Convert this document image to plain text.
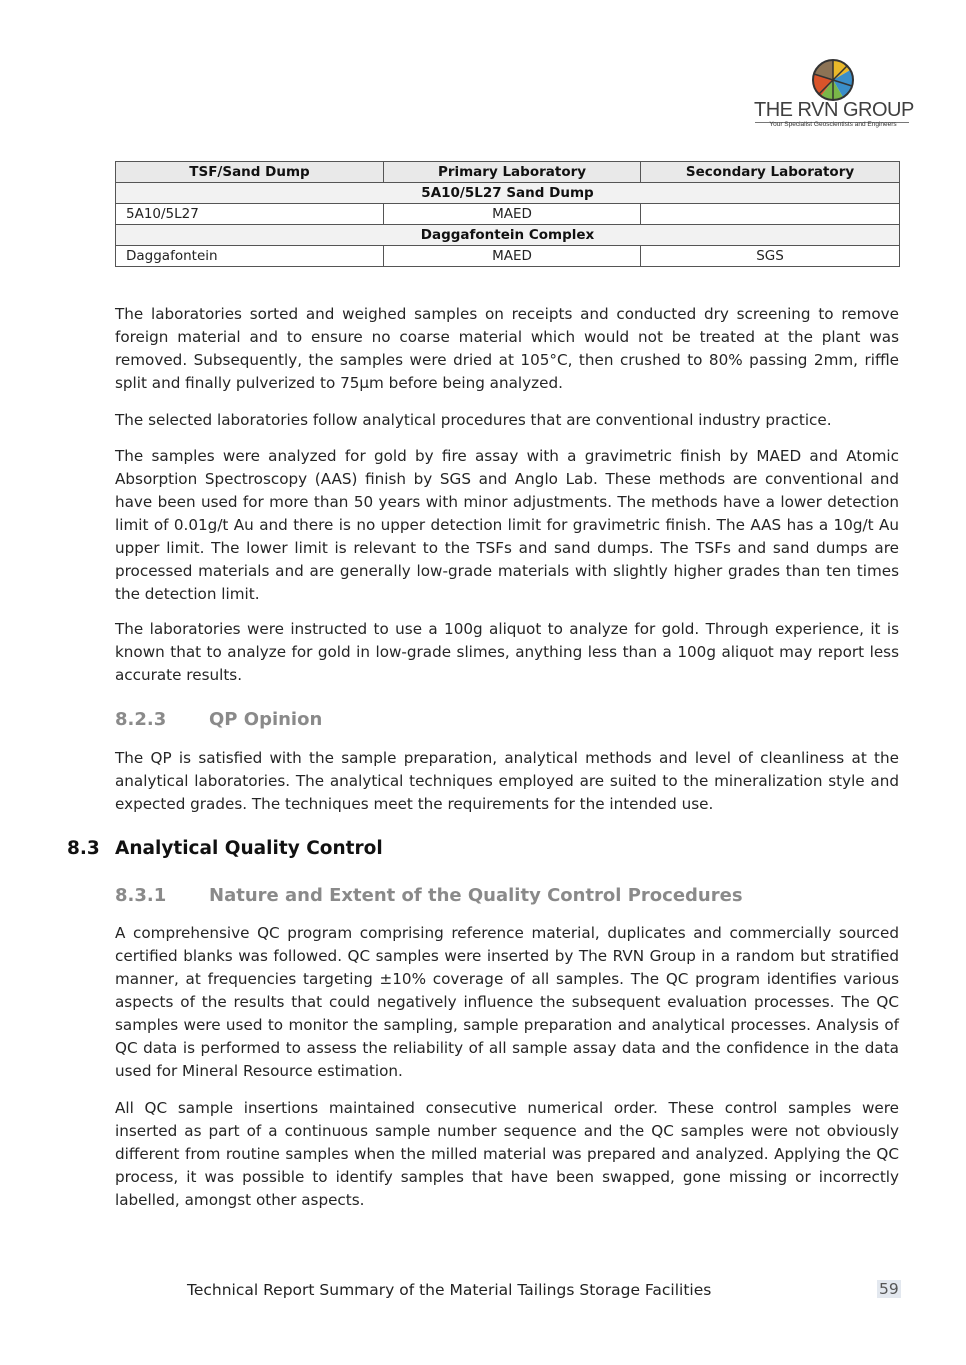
THE RVN GROUP
Your Specialist Geoscientists and Engineers
TSF/Sand Dump	Primary Laboratory	Secondary Laboratory
5A10/5L27 Sand Dump		
5A10/5L27	MAED	
Daggafontein Complex		
Daggafontein	MAED	SGS

The laboratories sorted and weighed samples on receipts and conducted dry screening to remove foreign material and to ensure no coarse material which would not be treated at the plant was removed. Subsequently, the samples were dried at 105°C, then crushed to 80% passing 2mm, riffle split and finally pulverized to 75µm before being analyzed.

The selected laboratories follow analytical procedures that are conventional industry practice.

The samples were analyzed for gold by fire assay with a gravimetric finish by MAED and Atomic Absorption Spectroscopy (AAS) finish by SGS and Anglo Lab. These methods are conventional and have been used for more than 50 years with minor adjustments. The methods have a lower detection limit of 0.01g/t Au and there is no upper detection limit for gravimetric finish. The AAS has a 10g/t Au upper limit. The lower limit is relevant to the TSFs and sand dumps. The TSFs and sand dumps are processed materials and are generally low-grade materials with slightly higher grades than ten times the detection limit.

The laboratories were instructed to use a 100g aliquot to analyze for gold. Through experience, it is known that to analyze for gold in low-grade slimes, anything less than a 100g aliquot may report less accurate results.

8.2.3 QP Opinion

The QP is satisfied with the sample preparation, analytical methods and level of cleanliness at the analytical laboratories. The analytical techniques employed are suited to the mineralization style and expected grades. The techniques meet the requirements for the intended use.

8.3 Analytical Quality Control
8.3.1 Nature and Extent of the Quality Control Procedures

A comprehensive QC program comprising reference material, duplicates and commercially sourced certified blanks was followed. QC samples were inserted by The RVN Group in a random but stratified manner, at frequencies targeting ±10% coverage of all samples. The QC program identifies various aspects of the results that could negatively influence the subsequent evaluation processes. The QC samples were used to monitor the sampling, sample preparation and analytical processes. Analysis of QC data is performed to assess the reliability of all sample assay data and the confidence in the data used for Mineral Resource estimation.

All QC sample insertions maintained consecutive numerical order. These control samples were inserted as part of a continuous sample number sequence and the QC samples were not obviously different from routine samples when the milled material was prepared and analyzed. Applying the QC process, it was possible to identify samples that have been swapped, gone missing or incorrectly labelled, amongst other aspects.

Technical Report Summary of the Material Tailings Storage Facilities	59
